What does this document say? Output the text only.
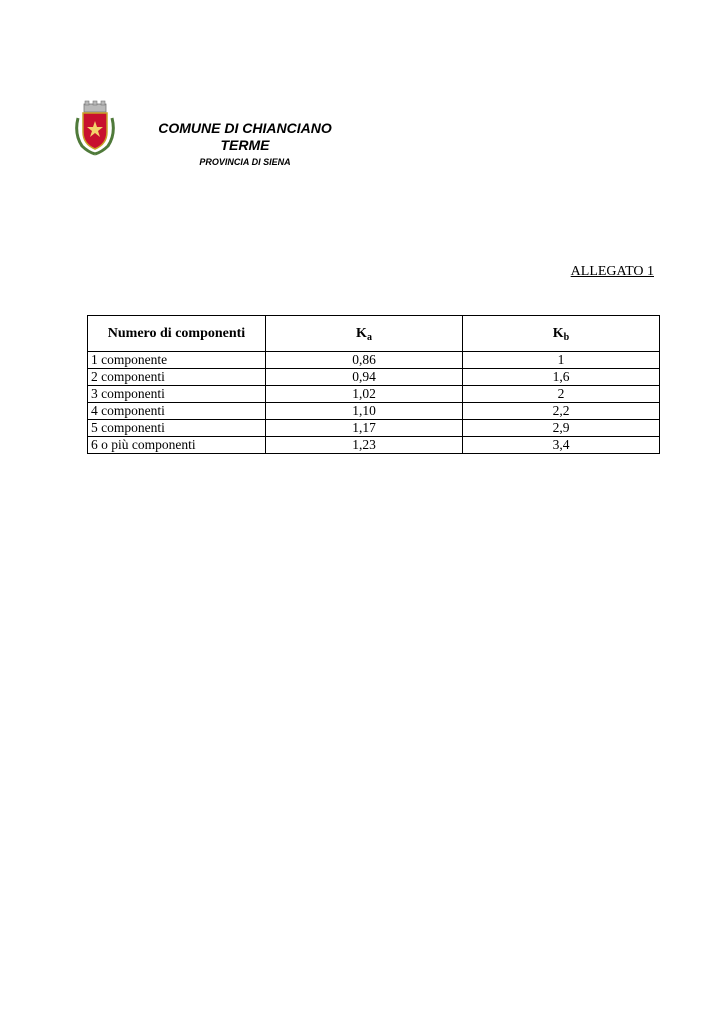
COMUNE DI CHIANCIANO
TERME
PROVINCIA DI SIENA
ALLEGATO 1
Numero di componenti	$K_a$	$K_b$
1 componente	0,86	1
2 componenti	0,94	1,6
3 componenti	1,02	2
4 componenti	1,10	2,2
5 componenti	1,17	2,9
6 o più componenti	1,23	3,4
